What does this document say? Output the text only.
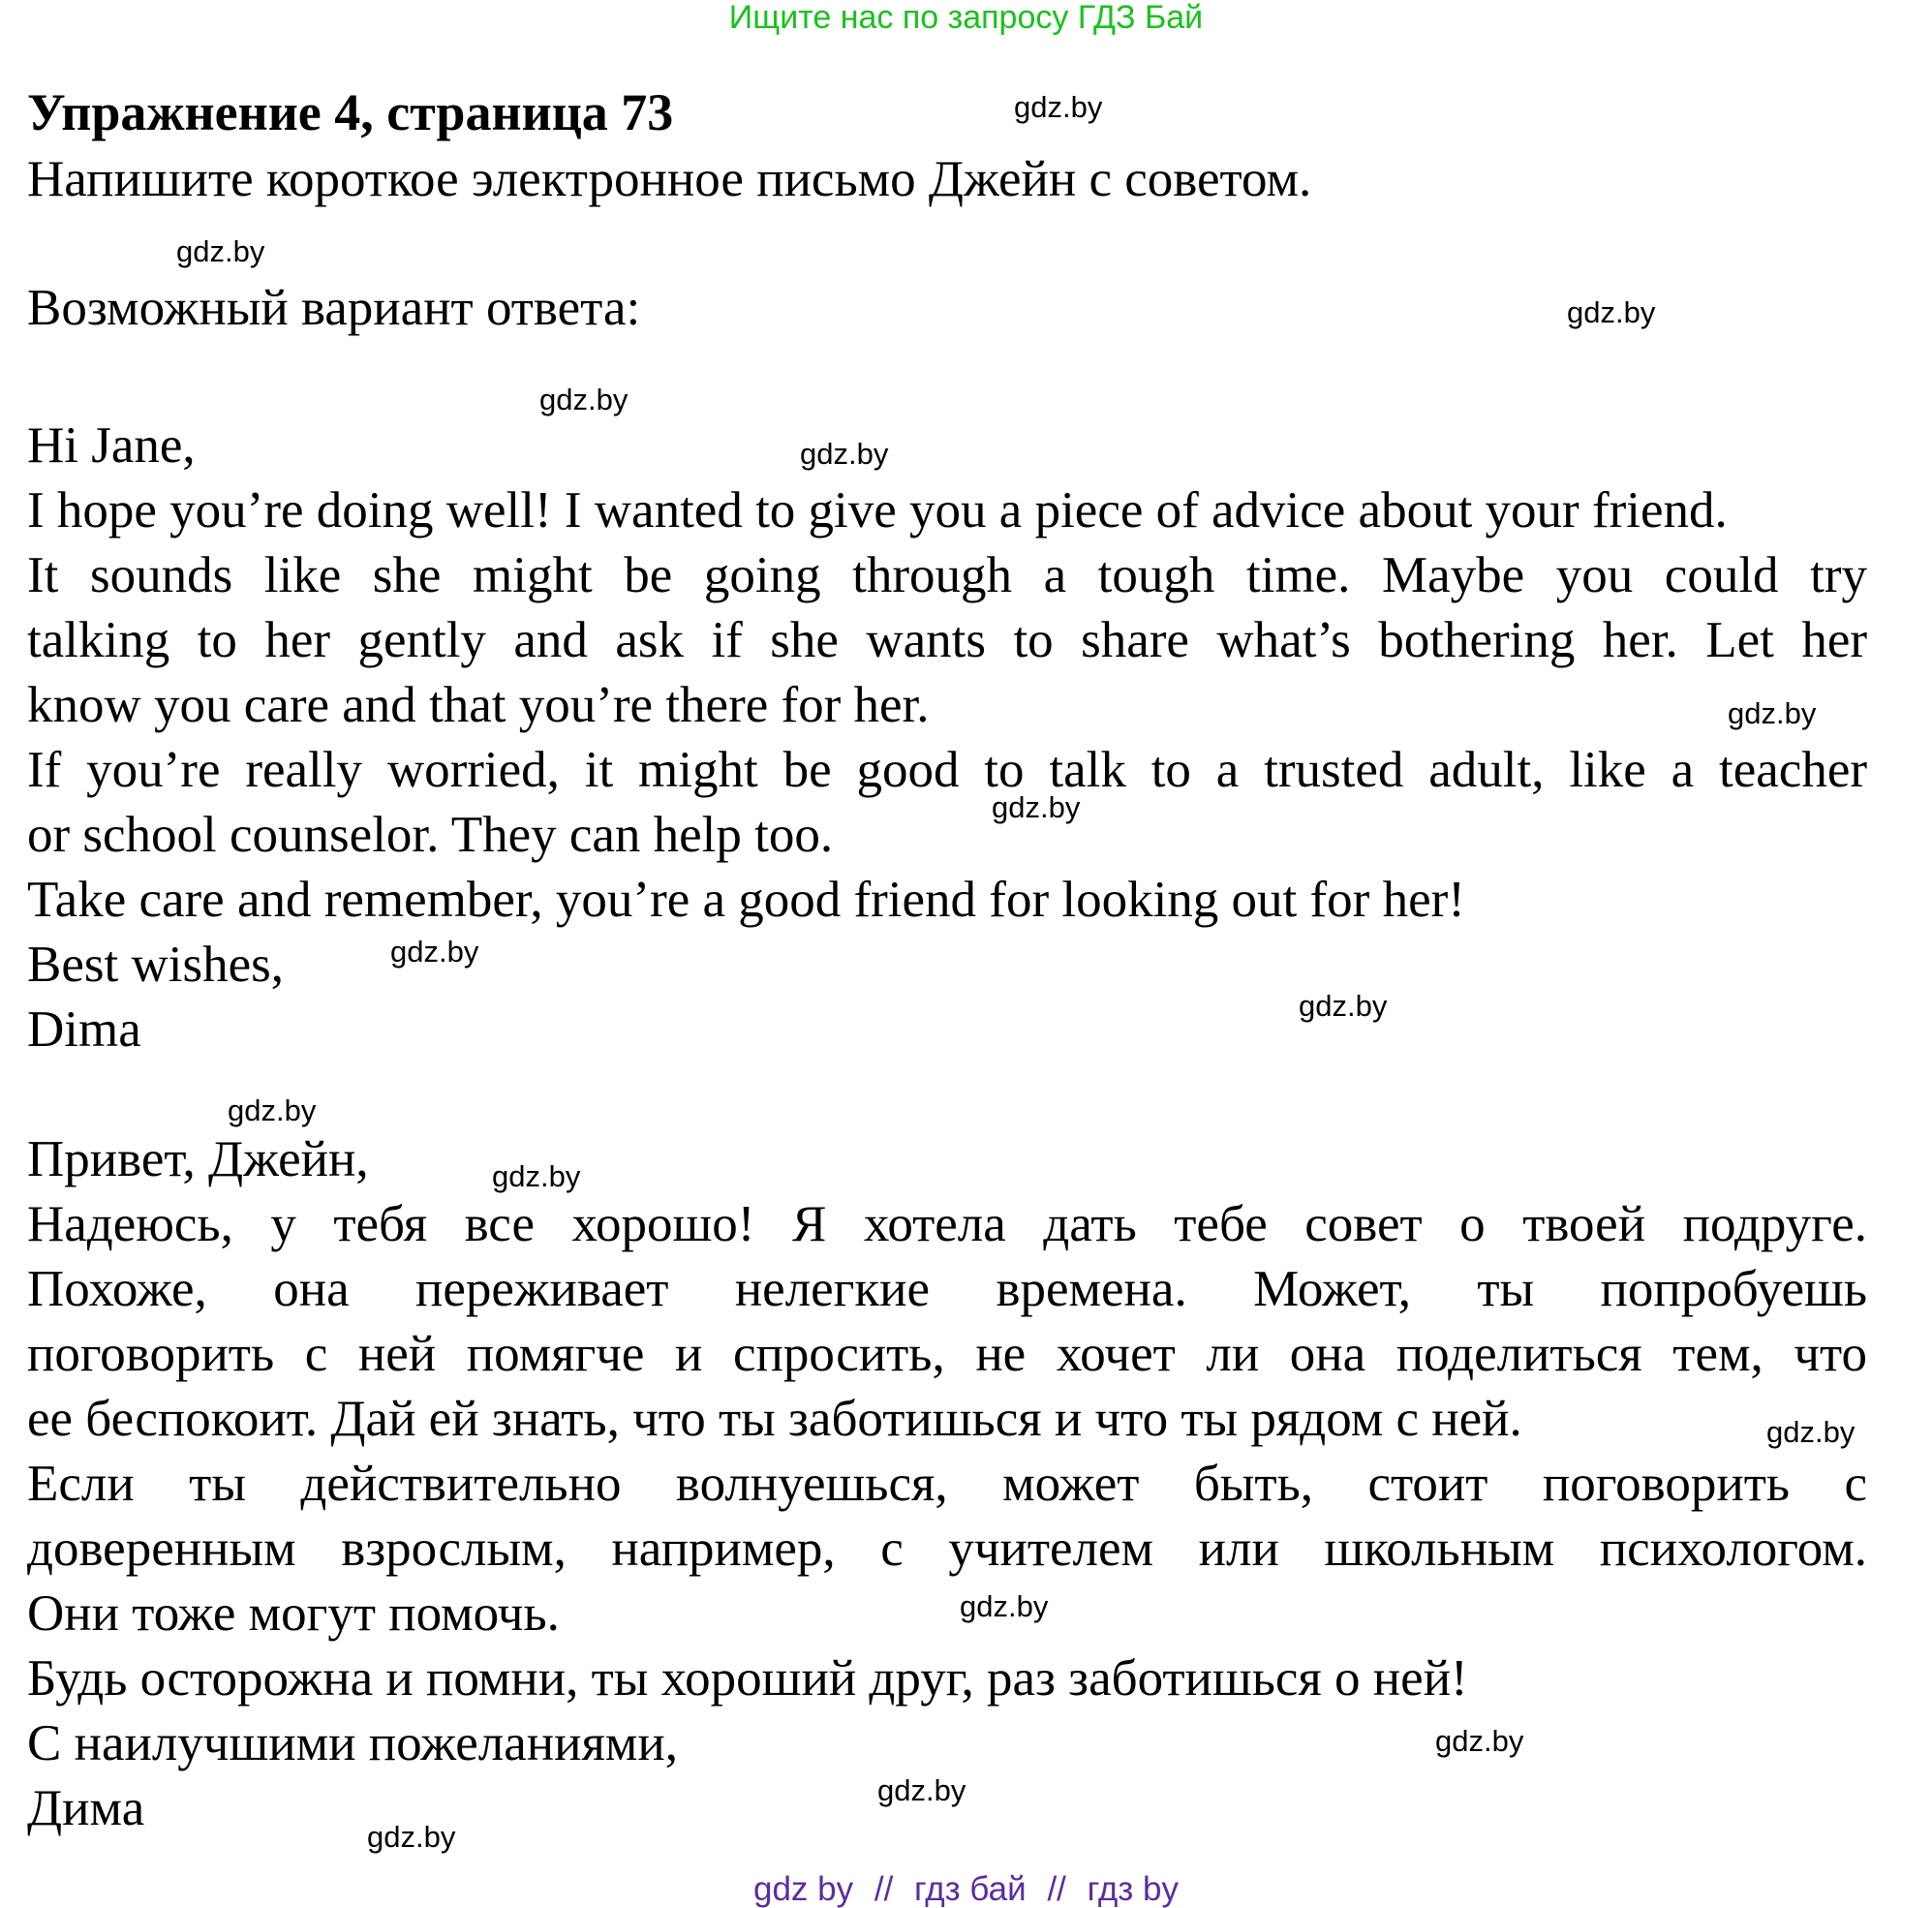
Ищите нас по запросу ГДЗ Бай
Упражнение 4, страница 73
Напишите короткое электронное письмо Джейн с советом.
Возможный вариант ответа:
Hi Jane,
I hope you’re doing well! I wanted to give you a piece of advice about your friend.
It sounds like she might be going through a tough time. Maybe you could try
talking to her gently and ask if she wants to share what’s bothering her. Let her
know you care and that you’re there for her.
If you’re really worried, it might be good to talk to a trusted adult, like a teacher
or school counselor. They can help too.
Take care and remember, you’re a good friend for looking out for her!
Best wishes,
Dima
Привет, Джейн,
Надеюсь, у тебя все хорошо! Я хотела дать тебе совет о твоей подруге.
Похоже, она переживает нелегкие времена. Может, ты попробуешь
поговорить с ней помягче и спросить, не хочет ли она поделиться тем, что
ее беспокоит. Дай ей знать, что ты заботишься и что ты рядом с ней.
Если ты действительно волнуешься, может быть, стоит поговорить с
доверенным взрослым, например, с учителем или школьным психологом.
Они тоже могут помочь.
Будь осторожна и помни, ты хороший друг, раз заботишься о ней!
С наилучшими пожеланиями,
Дима
gdz.by
gdz.by
gdz.by
gdz.by
gdz.by
gdz.by
gdz.by
gdz.by
gdz.by
gdz.by
gdz.by
gdz.by
gdz.by
gdz.by
gdz.by
gdz.by
gdz by // гдз бай // гдз by
